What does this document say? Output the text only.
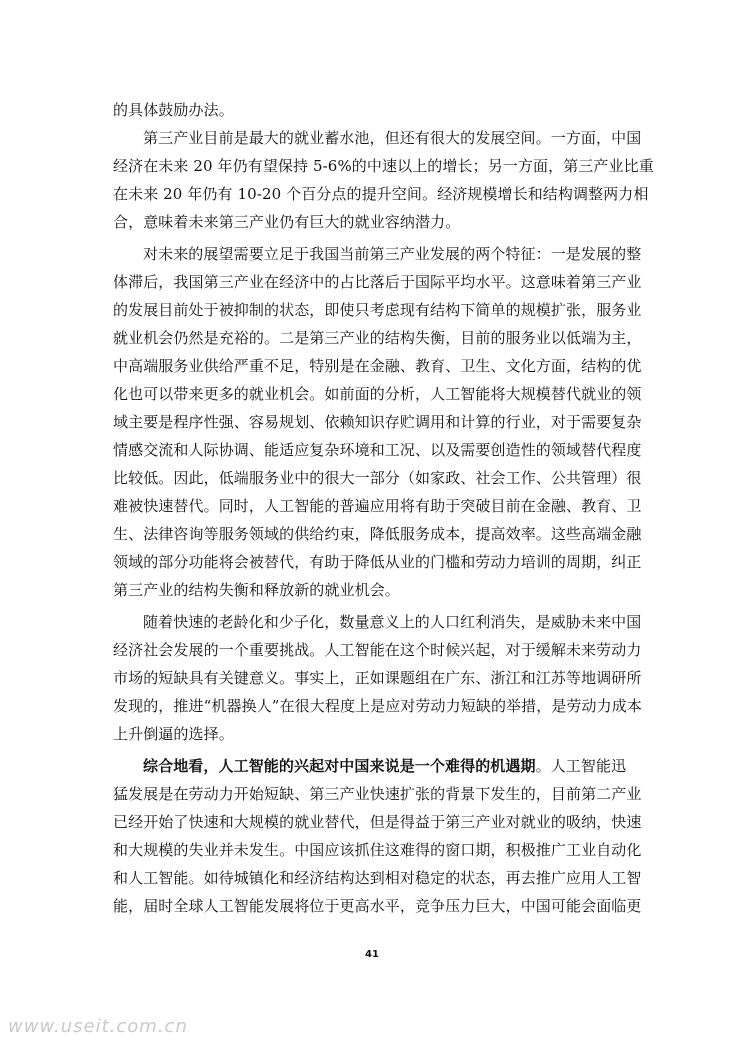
的具体鼓励办法。
第三产业目前是最大的就业蓄水池，但还有很大的发展空间。一方面，中国
经济在未来 20 年仍有望保持 5-6%的中速以上的增长；另一方面，第三产业比重
在未来 20 年仍有 10-20 个百分点的提升空间。经济规模增长和结构调整两力相
合，意味着未来第三产业仍有巨大的就业容纳潜力。
对未来的展望需要立足于我国当前第三产业发展的两个特征：一是发展的整
体滞后，我国第三产业在经济中的占比落后于国际平均水平。这意味着第三产业
的发展目前处于被抑制的状态，即使只考虑现有结构下简单的规模扩张，服务业
就业机会仍然是充裕的。二是第三产业的结构失衡，目前的服务业以低端为主，
中高端服务业供给严重不足，特别是在金融、教育、卫生、文化方面，结构的优
化也可以带来更多的就业机会。如前面的分析，人工智能将大规模替代就业的领
域主要是程序性强、容易规划、依赖知识存贮调用和计算的行业，对于需要复杂
情感交流和人际协调、能适应复杂环境和工况、以及需要创造性的领域替代程度
比较低。因此，低端服务业中的很大一部分（如家政、社会工作、公共管理）很
难被快速替代。同时，人工智能的普遍应用将有助于突破目前在金融、教育、卫
生、法律咨询等服务领域的供给约束，降低服务成本，提高效率。这些高端金融
领域的部分功能将会被替代，有助于降低从业的门槛和劳动力培训的周期，纠正
第三产业的结构失衡和释放新的就业机会。
随着快速的老龄化和少子化，数量意义上的人口红利消失，是威胁未来中国
经济社会发展的一个重要挑战。人工智能在这个时候兴起，对于缓解未来劳动力
市场的短缺具有关键意义。事实上，正如课题组在广东、浙江和江苏等地调研所
发现的，推进“机器换人”在很大程度上是应对劳动力短缺的举措，是劳动力成本
上升倒逼的选择。
综合地看，人工智能的兴起对中国来说是一个难得的机遇期。人工智能迅
猛发展是在劳动力开始短缺、第三产业快速扩张的背景下发生的，目前第二产业
已经开始了快速和大规模的就业替代，但是得益于第三产业对就业的吸纳，快速
和大规模的失业并未发生。中国应该抓住这难得的窗口期，积极推广工业自动化
和人工智能。如待城镇化和经济结构达到相对稳定的状态，再去推广应用人工智
能，届时全球人工智能发展将位于更高水平，竞争压力巨大，中国可能会面临更
41
www.useit.com.cn
